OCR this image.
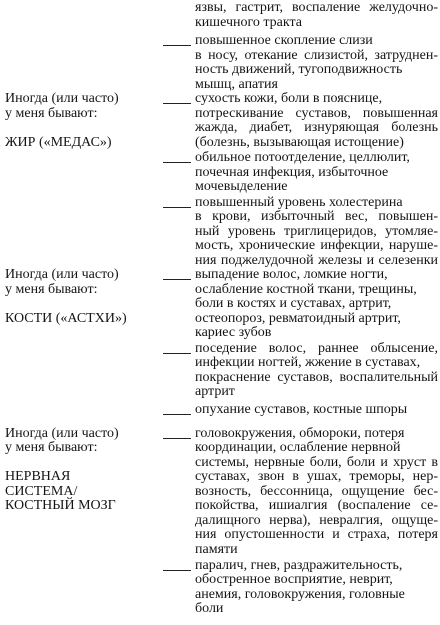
язвы, гастрит, воспаление желудочно-
кишечного тракта
повышенное скопление слизи
в носу, отекание слизистой, затруднен-
ность движений, тугоподвижность
мышц, апатия
Иногда (или часто)
у меня бывают:
ЖИР («МЕДАС»)
сухость кожи, боли в пояснице,
потрескивание суставов, повышенная
жажда, диабет, изнуряющая болезнь
(болезнь, вызывающая истощение)
обильное потоотделение, целлюлит,
почечная инфекция, избыточное
мочевыделение
повышенный уровень холестерина
в крови, избыточный вес, повышен-
ный уровень триглицеридов, утомляе-
мость, хронические инфекции, наруше-
ния поджелудочной железы и селезенки
Иногда (или часто)
у меня бывают:
КОСТИ («АСТХИ»)
выпадение волос, ломкие ногти,
ослабление костной ткани, трещины,
боли в костях и суставах, артрит,
остеопороз, ревматоидный артрит,
кариес зубов
поседение волос, раннее облысение,
инфекции ногтей, жжение в суставах,
покраснение суставов, воспалительный
артрит
опухание суставов, костные шпоры
Иногда (или часто)
у меня бывают:
НЕРВНАЯ
СИСТЕМА/
КОСТНЫЙ МОЗГ
головокружения, обмороки, потеря
координации, ослабление нервной
системы, нервные боли, боли и хруст в
суставах, звон в ушах, треморы, нер-
возность, бессонница, ощущение бес-
покойства, ишиалгия (воспаление се-
далищного нерва), невралгия, ощуще-
ния опустошенности и страха, потеря
памяти
паралич, гнев, раздражительность,
обостренное восприятие, неврит,
анемия, головокружения, головные
боли
